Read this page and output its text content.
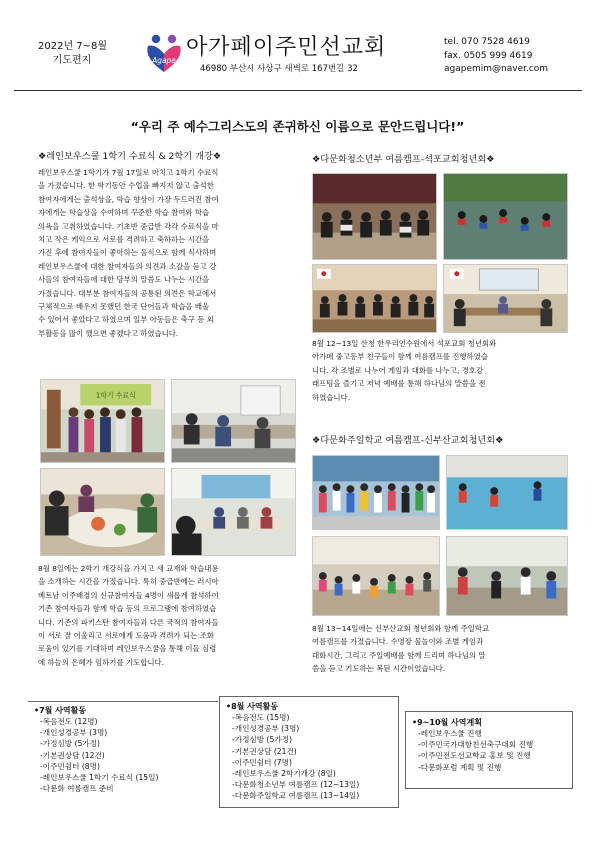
2022년 7~8월
기도편지	Agape
아가페이주민선교회
46980 부산시 사상구 새벽로 167번길 32
tel. 070 7528 4619
fax. 0505 999 4619
agapemim@naver.com
“우리 주 예수그리스도의 존귀하신 이름으로 문안드립니다!”
❖레인보우스쿨 1학기 수료식 & 2학기 개강❖
레인보우스쿨 1학기가 7월 17일로 마치고 1학기 수료식
을 가졌습니다. 한 학기동안 수업을 빠지지 않고 출석한
참여자에게는 출석상을, 학습 향상이 가장 두드러진 참여
자에게는 학습상을 수여하며 꾸준한 학습 참여와 학습
의욕을 고취하였습니다. 기초반 중급반 각각 수료식을 마
치고 작은 케익으로 서로를 격려하고 축하하는 시간을
가진 후에 참여자들이 좋아하는 음식으로 함께 식사하며
레인보우스쿨에 대한 참여자들의 의견과 소감을 듣고 강
사들의 참여자들에 대한 당부의 말씀도 나누는 시간을
가졌습니다. 대부분 참여자들의 공통된 의견은 학교에서
구체적으로 배우지 못했던 한국 단어들과 학습을 배울
수 있어서 좋았다고 하였으며 일부 아동들은 축구 등 외
부활동을 많이 했으면 좋겠다고 하였습니다.
1학기 수료식
8월 8일에는 2학기 개강식을 가지고 새 교재와 학습내용
을 소개하는 시간을 가졌습니다. 특히 중급반에는 러시아
베트남 이주배경의 신규참여자들 4명이 새롭게 참석하여
기존 참여자들과 함께 학습 등의 프로그램에 참여하였습
니다. 기존의 파키스탄 참여자들과 다른 국적의 참여자들
이 서로 잘 어울리고 서로에게 도움과 격려가 되는 조화
로움이 있기를 기대하며 레인보우스쿨을 통해 이들 심령
에 하늘의 은혜가 임하기를 기도합니다.
❖다문화청소년부 여름캠프-석포교회청년회❖
8월 12~13일 산청 한우리연수원에서 석포교회 청년회와
아가페 중고등부 친구들이 함께 여름캠프를 진행하였습
니다. 각 조별로 나누어 게임과 대화를 나누고, 경호강
래프팅을 즐기고 저녁 예배를 통해 하나님의 말씀을 전
하였습니다.
❖다문화주일학교 여름캠프-신부산교회청년회❖
8월 13~14일에는 신부산교회 청년회와 함께 주일학교
여름캠프를 가졌습니다. 수영장 물놀이와 조별 게임과
대화시간, 그리고 주일예배를 함께 드리며 하나님의 말
씀을 듣고 기도하는 복된 시간이었습니다.
•7월 사역활동
-복음전도 (12명)
-개인성경공부 (3명)
-가정심방 (5가정)
-기본권상담 (12건)
-이주민쉼터 (8명)
-레인보우스쿨 1학기 수료식 (15일)
-다문화 여름캠프 준비
•8월 사역활동
-복음전도 (15명)
-개인성경공부 (3명)
-가정심방 (5가정)
-기본권상담 (21건)
-이주민쉼터 (7명)
-레인보우스쿨 2학기개강 (8일)
-다문화청소년부 여름캠프 (12~13일)
-다문화주일학교 여름캠프 (13~14일)
•9~10월 사역계획
-레인보우스쿨 진행
-이주민국가대항친선축구대회 진행
-이주민전도선교학교 홍보 및 진행
-다문화포럼 계획 및 진행
